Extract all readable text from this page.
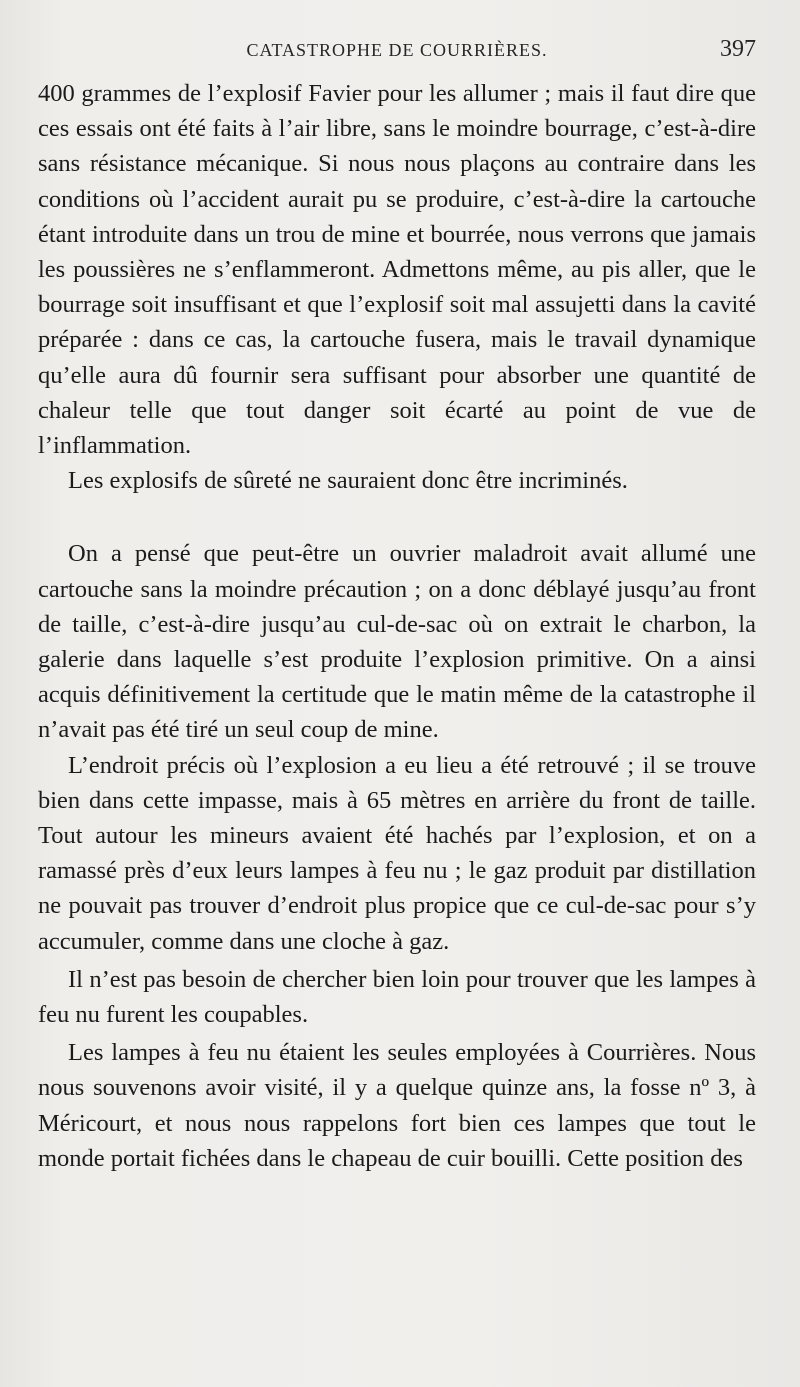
CATASTROPHE DE COURRIÈRES.	397

400 grammes de l’explosif Favier pour les allumer ; mais il faut dire que ces essais ont été faits à l’air libre, sans le moindre bourrage, c’est-à-dire sans résistance mécanique. Si nous nous plaçons au contraire dans les conditions où l’accident aurait pu se produire, c’est-à-dire la cartouche étant introduite dans un trou de mine et bourrée, nous verrons que jamais les poussières ne s’enflammeront. Admettons même, au pis aller, que le bourrage soit insuffisant et que l’explosif soit mal assujetti dans la cavité préparée : dans ce cas, la cartouche fusera, mais le travail dynamique qu’elle aura dû fournir sera suffisant pour absorber une quantité de chaleur telle que tout danger soit écarté au point de vue de l’inflammation.

Les explosifs de sûreté ne sauraient donc être incriminés.

On a pensé que peut-être un ouvrier maladroit avait allumé une cartouche sans la moindre précaution ; on a donc déblayé jusqu’au front de taille, c’est-à-dire jusqu’au cul-de-sac où on extrait le charbon, la galerie dans laquelle s’est produite l’explosion primitive. On a ainsi acquis définitivement la certitude que le matin même de la catastrophe il n’avait pas été tiré un seul coup de mine.

L’endroit précis où l’explosion a eu lieu a été retrouvé ; il se trouve bien dans cette impasse, mais à 65 mètres en arrière du front de taille. Tout autour les mineurs avaient été hachés par l’explosion, et on a ramassé près d’eux leurs lampes à feu nu ; le gaz produit par distillation ne pouvait pas trouver d’endroit plus propice que ce cul-de-sac pour s’y accumuler, comme dans une cloche à gaz.

Il n’est pas besoin de chercher bien loin pour trouver que les lampes à feu nu furent les coupables.

Les lampes à feu nu étaient les seules employées à Courrières. Nous nous souvenons avoir visité, il y a quelque quinze ans, la fosse nº 3, à Méricourt, et nous nous rappelons fort bien ces lampes que tout le monde portait fichées dans le chapeau de cuir bouilli. Cette position des
